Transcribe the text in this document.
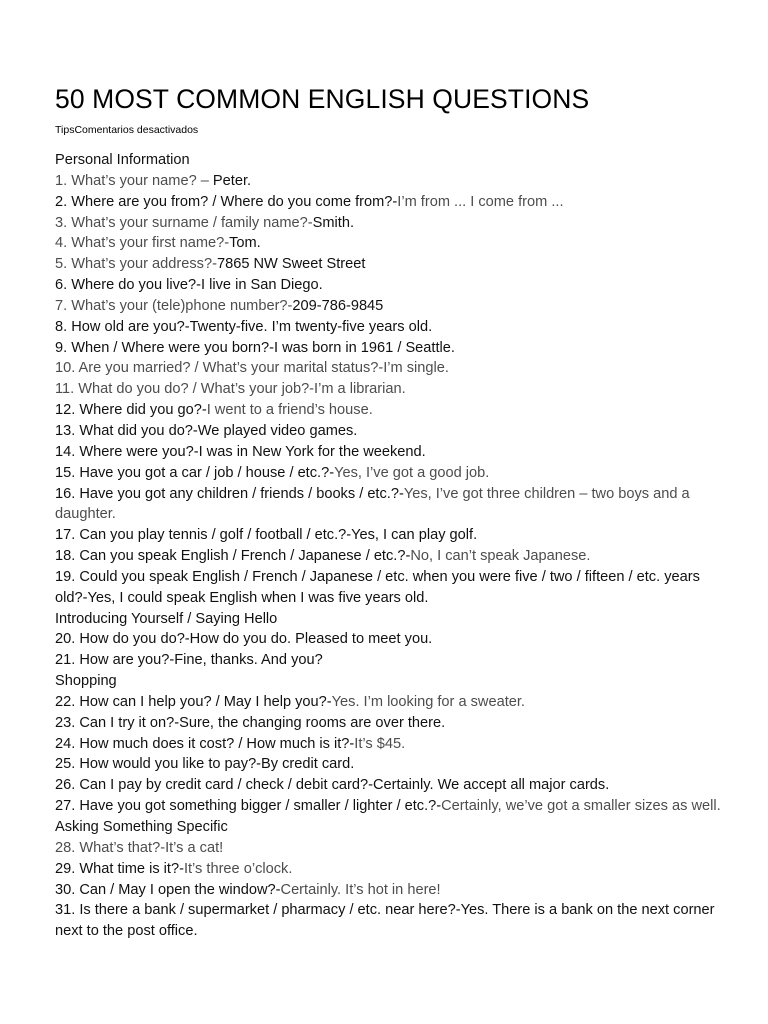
50 MOST COMMON ENGLISH QUESTIONS
TipsComentarios desactivados
Personal Information
1. What’s your name? – Peter.
2. Where are you from? / Where do you come from?-I’m from ... I come from ...
3. What’s your surname / family name?-Smith.
4. What’s your first name?-Tom.
5. What’s your address?-7865 NW Sweet Street
6. Where do you live?-I live in San Diego.
7. What’s your (tele)phone number?-209-786-9845
8. How old are you?-Twenty-five. I’m twenty-five years old.
9. When / Where were you born?-I was born in 1961 / Seattle.
10. Are you married? / What’s your marital status?-I’m single.
11. What do you do? / What’s your job?-I’m a librarian.
12. Where did you go?-I went to a friend’s house.
13. What did you do?-We played video games.
14. Where were you?-I was in New York for the weekend.
15. Have you got a car / job / house / etc.?-Yes, I’ve got a good job.
16. Have you got any children / friends / books / etc.?-Yes, I’ve got three children – two boys and a daughter.
17. Can you play tennis / golf / football / etc.?-Yes, I can play golf.
18. Can you speak English / French / Japanese / etc.?-No, I can’t speak Japanese.
19. Could you speak English / French / Japanese / etc. when you were five / two / fifteen / etc. years old?-Yes, I could speak English when I was five years old.
Introducing Yourself / Saying Hello
20. How do you do?-How do you do. Pleased to meet you.
21. How are you?-Fine, thanks. And you?
Shopping
22. How can I help you? / May I help you?-Yes. I’m looking for a sweater.
23. Can I try it on?-Sure, the changing rooms are over there.
24. How much does it cost? / How much is it?-It’s $45.
25. How would you like to pay?-By credit card.
26. Can I pay by credit card / check / debit card?-Certainly. We accept all major cards.
27. Have you got something bigger / smaller / lighter / etc.?-Certainly, we’ve got a smaller sizes as well.
Asking Something Specific
28. What’s that?-It’s a cat!
29. What time is it?-It’s three o’clock.
30. Can / May I open the window?-Certainly. It’s hot in here!
31. Is there a bank / supermarket / pharmacy / etc. near here?-Yes. There is a bank on the next corner next to the post office.
